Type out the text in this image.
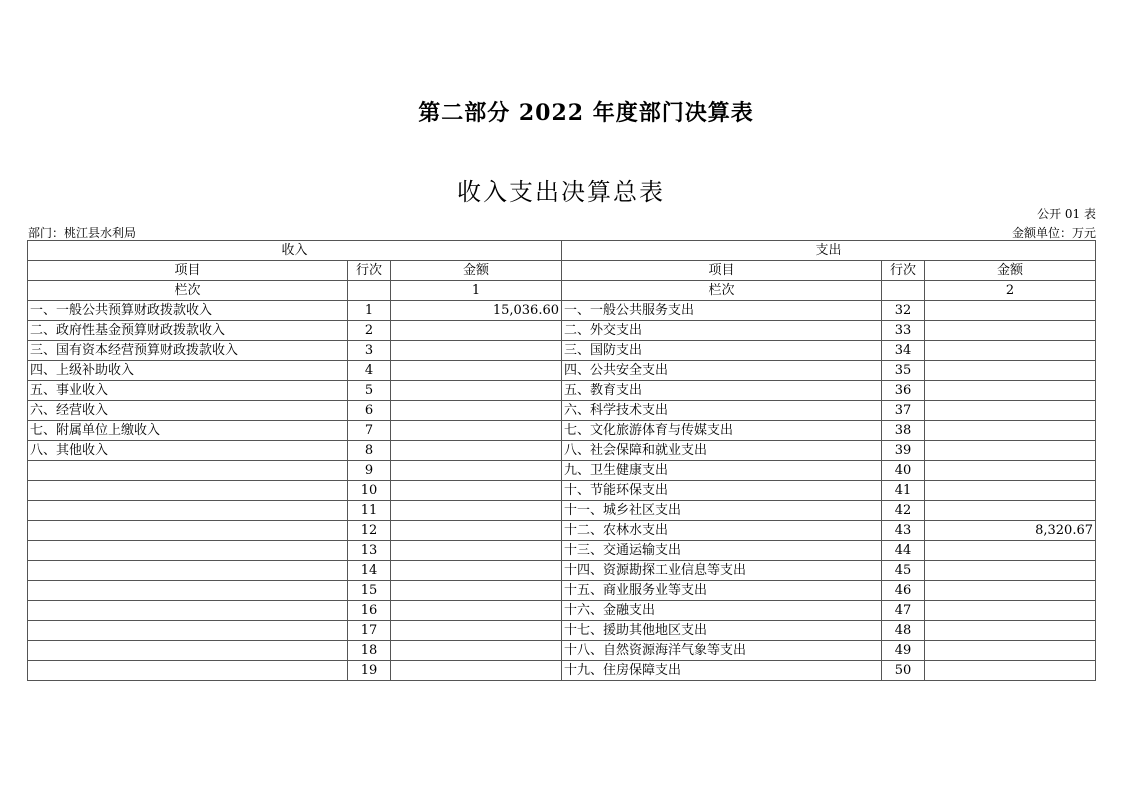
第二部分 2022 年度部门决算表
收入支出决算总表
公开 01 表
部门：桃江县水利局	金额单位：万元
收入			支出		
项目	行次	金额	项目	行次	金额
栏次		1	栏次		2
一、一般公共预算财政拨款收入	1	15,036.60	一、一般公共服务支出	32	
二、政府性基金预算财政拨款收入	2		二、外交支出	33	
三、国有资本经营预算财政拨款收入	3		三、国防支出	34	
四、上级补助收入	4		四、公共安全支出	35	
五、事业收入	5		五、教育支出	36	
六、经营收入	6		六、科学技术支出	37	
七、附属单位上缴收入	7		七、文化旅游体育与传媒支出	38	
八、其他收入	8		八、社会保障和就业支出	39	
	9		九、卫生健康支出	40	
	10		十、节能环保支出	41	
	11		十一、城乡社区支出	42	
	12		十二、农林水支出	43	8,320.67
	13		十三、交通运输支出	44	
	14		十四、资源勘探工业信息等支出	45	
	15		十五、商业服务业等支出	46	
	16		十六、金融支出	47	
	17		十七、援助其他地区支出	48	
	18		十八、自然资源海洋气象等支出	49	
	19		十九、住房保障支出	50	
